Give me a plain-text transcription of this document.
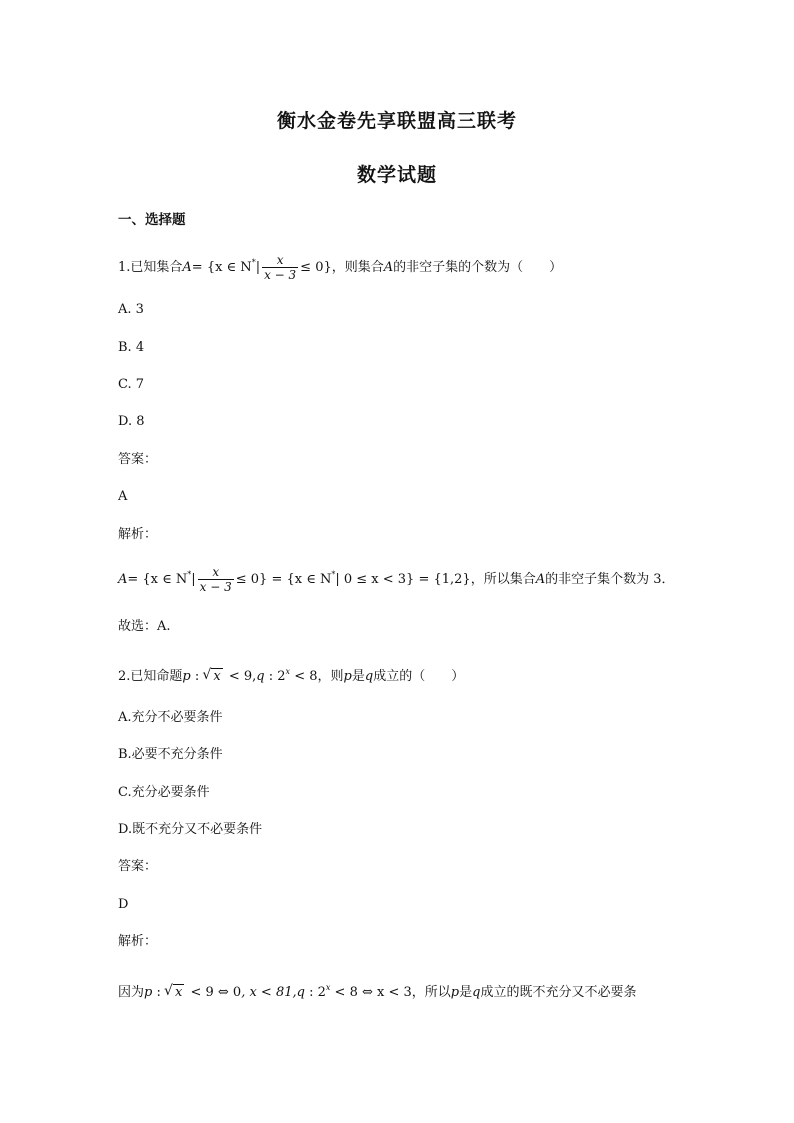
衡水金卷先享联盟高三联考
数学试题
一、选择题
1.已知集合A= {x ∈ $N^*| \frac{x}{x - 3} \le 0$}，则集合A的非空子集的个数为（　　）
A. 3
B. 4
C. 7
D. 8
答案：
A
解析：
A= {x ∈ $N^*| \frac{x}{x - 3} \le 0\} = \{x$ ∈ N*| 0 ≤ x < 3} = {1,2}，所以集合A的非空子集个数为 3．
故选：A.
2.已知命题p : √ x < 9,q : $2^x < 8$，则p是q成立的（　　）
A.充分不必要条件
B.必要不充分条件
C.充分必要条件
D.既不充分又不必要条件
答案：
D
解析：
因为p : √ x < 9 ⇔ 0, x < 81,q : $2^x < 8$ ⇔ x < 3，所以p是q成立的既不充分又不必要条
